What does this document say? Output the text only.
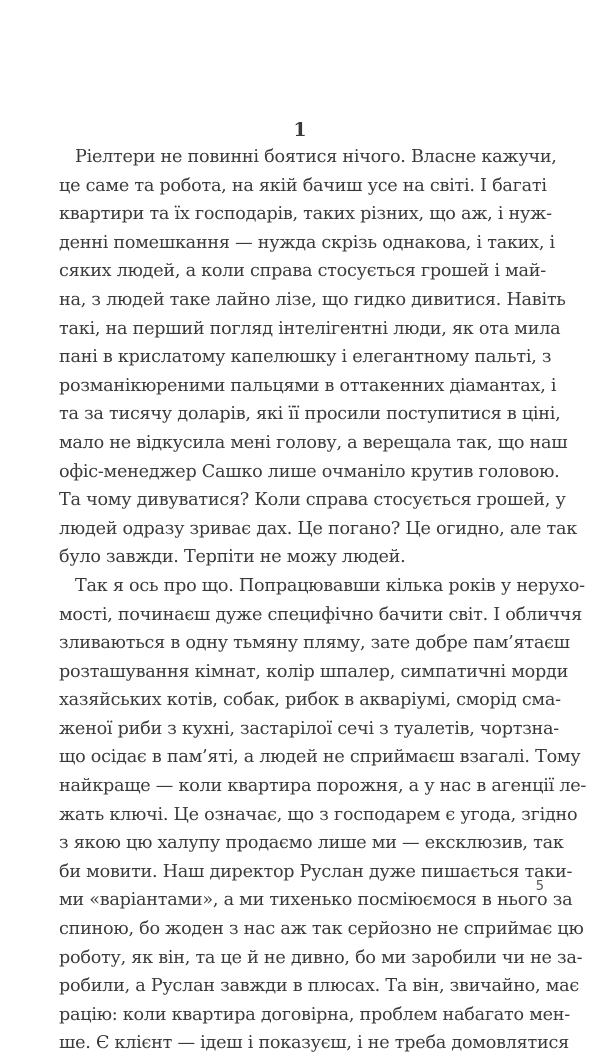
1
Ріелтери не повинні боятися нічого. Власне кажучи,
це саме та робота, на якій бачиш усе на світі. І багаті
квартири та їх господарів, таких різних, що аж, і нуж-
денні помешкання — нужда скрізь однакова, і таких, і
сяких людей, а коли справа стосується грошей і май-
на, з людей таке лайно лізе, що гидко дивитися. Навіть
такі, на перший погляд інтелігентні люди, як ота мила
пані в крислатому капелюшку і елегантному пальті, з
розманікюреними пальцями в оттакенних діамантах, і
та за тисячу доларів, які її просили поступитися в ціні,
мало не відкусила мені голову, а верещала так, що наш
офіс-менеджер Сашко лише очманіло крутив головою.
Та чому дивуватися? Коли справа стосується грошей, у
людей одразу зриває дах. Це погано? Це огидно, але так
було завжди. Терпіти не можу людей.
Так я ось про що. Попрацювавши кілька років у нерухо-
мості, починаєш дуже специфічно бачити світ. І обличчя
зливаються в одну тьмяну пляму, зате добре пам’ятаєш
розташування кімнат, колір шпалер, симпатичні морди
хазяйських котів, собак, рибок в акваріумі, сморід сма-
женої риби з кухні, застарілої сечі з туалетів, чортзна-
що осідає в пам’яті, а людей не сприймаєш взагалі. Тому
найкраще — коли квартира порожня, а у нас в агенції ле-
жать ключі. Це означає, що з господарем є угода, згідно
з якою цю халупу продаємо лише ми — ексклюзив, так
би мовити. Наш директор Руслан дуже пишається таки-
ми «варіантами», а ми тихенько посміюємося в нього за
спиною, бо жоден з нас аж так серйозно не сприймає цю
роботу, як він, та це й не дивно, бо ми заробили чи не за-
робили, а Руслан завжди в плюсах. Та він, звичайно, має
рацію: коли квартира договірна, проблем набагато мен-
ше. Є клієнт — ідеш і показуєш, і не треба домовлятися
5
